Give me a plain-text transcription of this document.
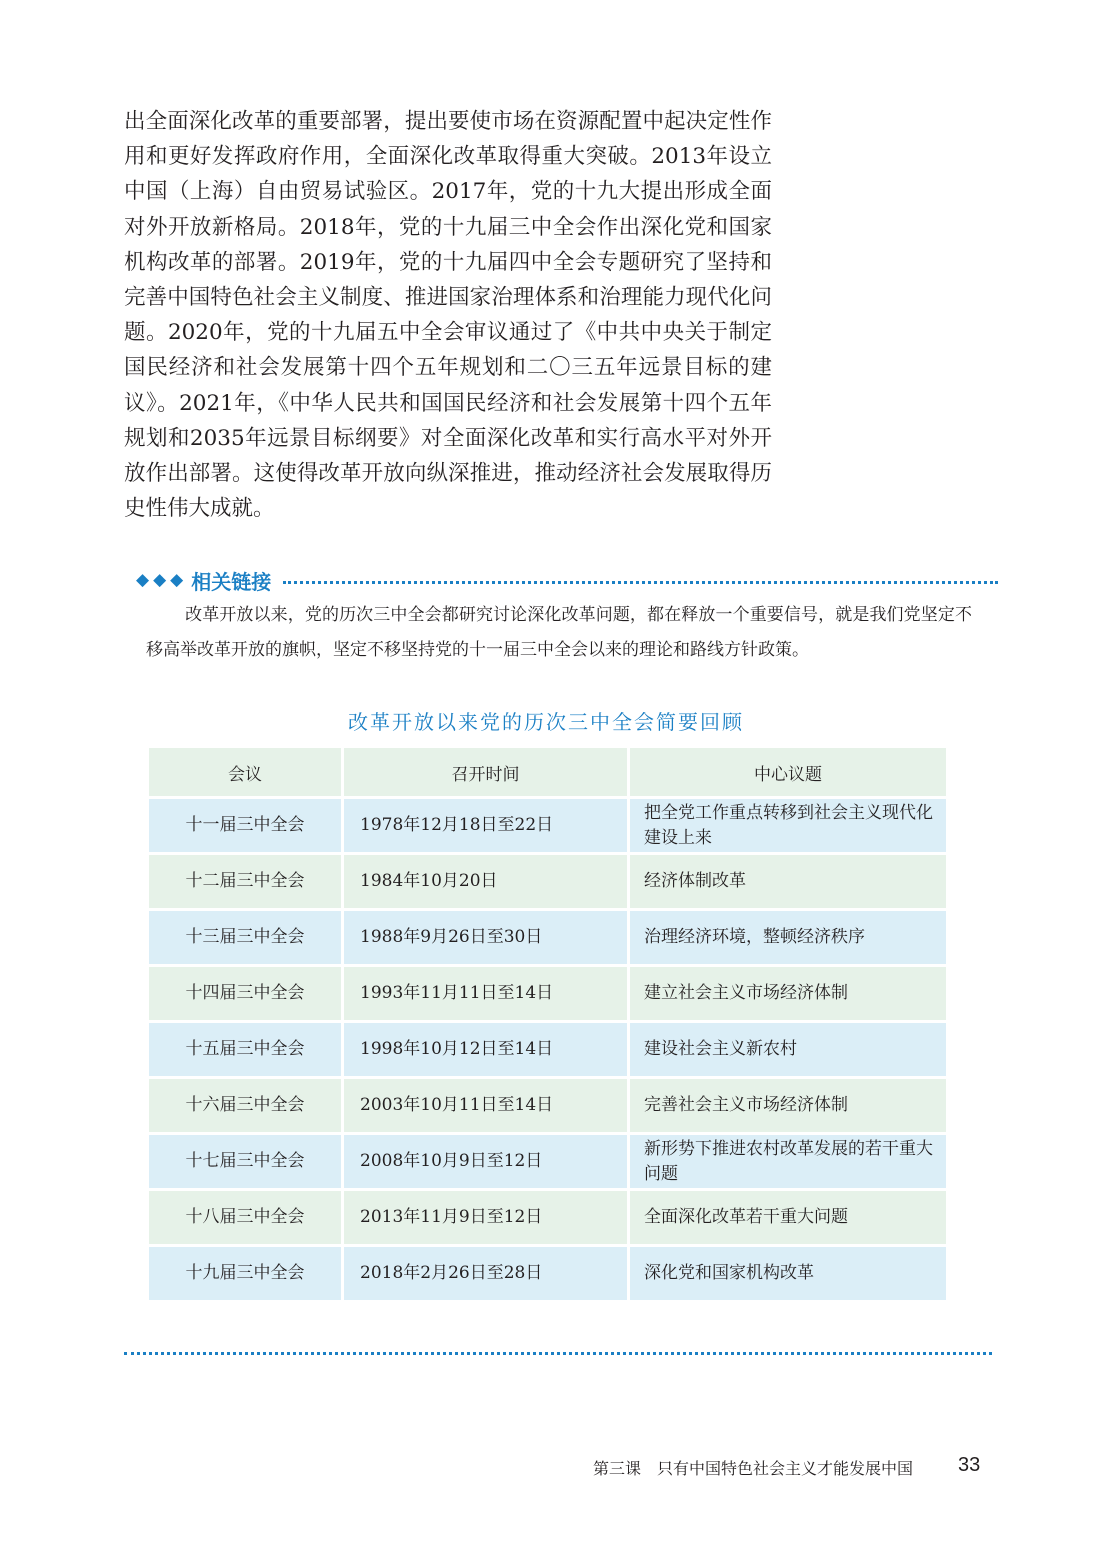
出全面深化改革的重要部署，提出要使市场在资源配置中起决定性作用和更好发挥政府作用，全面深化改革取得重大突破。2013年设立中国（上海）自由贸易试验区。2017年，党的十九大提出形成全面对外开放新格局。2018年，党的十九届三中全会作出深化党和国家机构改革的部署。2019年，党的十九届四中全会专题研究了坚持和完善中国特色社会主义制度、推进国家治理体系和治理能力现代化问题。2020年，党的十九届五中全会审议通过了《中共中央关于制定国民经济和社会发展第十四个五年规划和二〇三五年远景目标的建议》。2021年，《中华人民共和国国民经济和社会发展第十四个五年规划和2035年远景目标纲要》对全面深化改革和实行高水平对外开放作出部署。这使得改革开放向纵深推进，推动经济社会发展取得历史性伟大成就。

◆◆◆ 相关链接

改革开放以来，党的历次三中全会都研究讨论深化改革问题，都在释放一个重要信号，就是我们党坚定不移高举改革开放的旗帜，坚定不移坚持党的十一届三中全会以来的理论和路线方针政策。

改革开放以来党的历次三中全会简要回顾
会议	召开时间	中心议题
十一届三中全会	1978年12月18日至22日	把全党工作重点转移到社会主义现代化建设上来
十二届三中全会	1984年10月20日	经济体制改革
十三届三中全会	1988年9月26日至30日	治理经济环境，整顿经济秩序
十四届三中全会	1993年11月11日至14日	建立社会主义市场经济体制
十五届三中全会	1998年10月12日至14日	建设社会主义新农村
十六届三中全会	2003年10月11日至14日	完善社会主义市场经济体制
十七届三中全会	2008年10月9日至12日	新形势下推进农村改革发展的若干重大问题
十八届三中全会	2013年11月9日至12日	全面深化改革若干重大问题
十九届三中全会	2018年2月26日至28日	深化党和国家机构改革
第三课　只有中国特色社会主义才能发展中国 33
